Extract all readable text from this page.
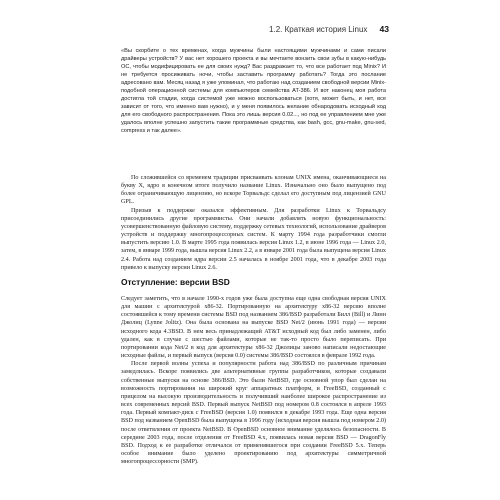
1.2. Краткая история Linux 43

«Вы скорбите о тех временах, когда мужчины были настоящими мужчинами и сами писали драйверы устройств? У вас нет хорошего проекта и вы мечтаете вонзить свои зубы в какую-нибудь ОС, чтобы модифицировать ее для своих нужд? Вас раздражает то, что все работает под Minix? И не требуется просиживать ночи, чтобы заставить программу работать? Тогда это послание адресовано вам. Месяц назад я уже упоминал, что работаю над созданием свободной версии Minix-подобной операционной системы для компьютеров семейства AT-386. И вот наконец моя работа достигла той стадии, когда системой уже можно воспользоваться (хотя, может быть, и нет, все зависит от того, что именно вам нужно), и у меня появилось желание обнародовать исходный код для его свободного распространения. Пока это лишь версия 0.02..., но под ее управлением мне уже удалось вполне успешно запустить такие программные средства, как bash, gcc, gnu-make, gnu-sed, compress и так далее».

По сложившейся со временем традиции присваивать клонам UNIX имена, оканчивающиеся на букву X, ядро в конечном итоге получило название Linux. Изначально оно было выпущено под более ограничивающую лицензию, но вскоре Торвальдс сделал его доступным под лицензией GNU GPL.

Призыв к поддержке оказался эффективным. Для разработки Linux к Торвальдсу присоединились другие программисты. Они начали добавлять новую функциональность: усовершенствованную файловую систему, поддержку сетевых технологий, использование драйверов устройств и поддержку многопроцессорных систем. К марту 1994 года разработчики смогли выпустить версию 1.0. В марте 1995 года появилась версия Linux 1.2, в июне 1996 года — Linux 2.0, затем, в январе 1999 года, вышла версия Linux 2.2, а в январе 2001 года была выпущена версия Linux 2.4. Работа над созданием ядра версии 2.5 началась в ноябре 2001 года, что в декабре 2003 года привело к выпуску версии Linux 2.6.

Отступление: версии BSD

Следует заметить, что в начале 1990-х годов уже была доступна еще одна свободная версия UNIX для машин с архитектурой x86-32. Портированную на архитектуру x86-32 версию вполне состоявшейся к тому времени системы BSD под названием 386/BSD разработали Билл (Bill) и Линн Джолиц (Lynne Jolitz). Она была основана на выпуске BSD Net/2 (июнь 1991 года) — версии исходного кода 4.3BSD. В нем весь принадлежащий AT&T исходный код был либо заменен, либо удален, как в случае с шестью файлами, которые не так-то просто было переписать. При портировании кода Net/2 в код для архитектуры x86-32 Джолицы заново написали недостающие исходные файлы, и первый выпуск (версия 0.0) системы 386/BSD состоялся в феврале 1992 года.

После первой волны успеха и популярности работа над 386/BSD по различным причинам замедлилась. Вскоре появились две альтернативные группы разработчиков, которые создавали собственные выпуски на основе 386/BSD. Это были NetBSD, где основной упор был сделан на возможность портирования на широкий круг аппаратных платформ, и FreeBSD, созданный с прицелом на высокую производительность и получивший наиболее широкое распространение из всех современных версий BSD. Первый выпуск NetBSD под номером 0.8 состоялся в апреле 1993 года. Первый компакт-диск с FreeBSD (версия 1.0) появился в декабре 1993 года. Еще одна версия BSD под названием OpenBSD была выпущена в 1996 году (исходная версия вышла под номером 2.0) после ответвления от проекта NetBSD. В OpenBSD основное внимание уделялось безопасности. В середине 2003 года, после отделения от FreeBSD 4.x, появилась новая версия BSD — DragonFly BSD. Подход к ее разработке отличался от применявшегося при создании FreeBSD 5.x. Теперь особое внимание было уделено проектированию под архитектуры симметричной многопроцессорности (SMP).
